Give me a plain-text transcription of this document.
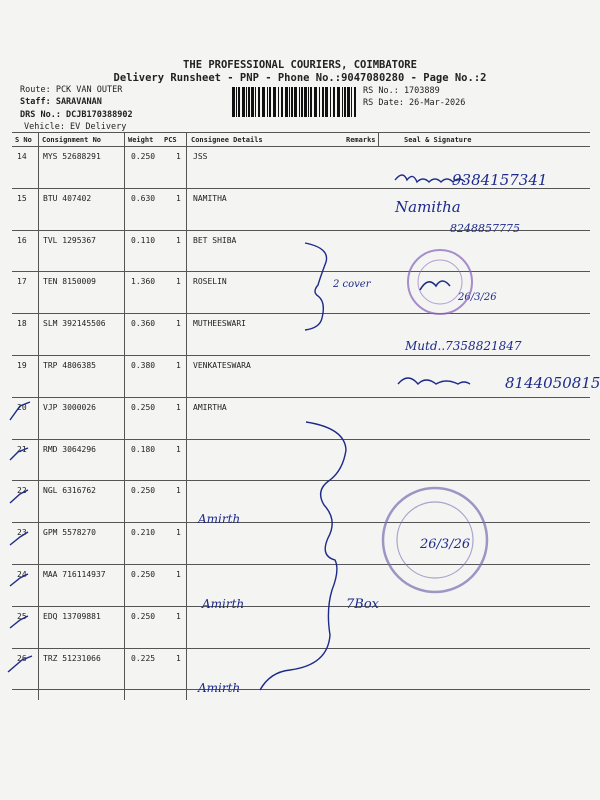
THE PROFESSIONAL COURIERS, COIMBATORE
Delivery Runsheet - PNP - Phone No.:9047080280 - Page No.:2
Route: PCK VAN OUTER
Staff: SARAVANAN
DRS No.: DCJB170388902
Vehicle: EV Delivery
RS No.: 1703889
RS Date: 26-Mar-2026
S No Consignment No	Weight PCS Consignee Details	Remarks	Seal & Signature
14 MYS 52688291	0.250	1 JSS
15 BTU 407402	0.630	1 NAMITHA
16 TVL 1295367	0.110	1 BET SHIBA
17 TEN 8150009	1.360	1 ROSELIN
18 SLM 392145506	0.360	1 MUTHEESWARI
19 TRP 4806385	0.380	1 VENKATESWARA
20 VJP 3000026	0.250	1 AMIRTHA
21 RMD 3064296	0.180	1
22 NGL 6316762	0.250	1
23 GPM 5578270	0.210	1
24 MAA 716114937	0.250	1
25 EDQ 13709881	0.250	1
26 TRZ 51231066	0.225	1
9384157341
Namitha
8248857775
2 cover
26/3/26
Mutd..7358821847
8144050815
Amirth
Amirth	7Box
Amirth
26/3/26
